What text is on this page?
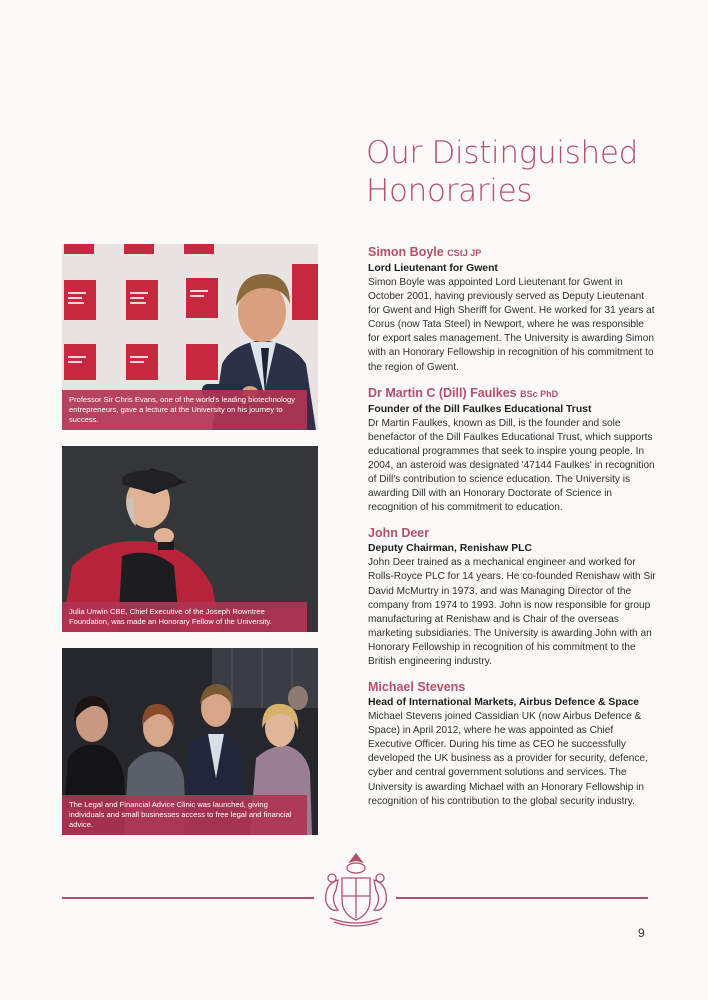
Our Distinguished
Honoraries
Professor Sir Chris Evans, one of the world's leading biotechnology entrepreneurs, gave a lecture at the University on his journey to success.
Julia Unwin CBE, Chief Executive of the Joseph Rowntree Foundation, was made an Honorary Fellow of the University.
The Legal and Financial Advice Clinic was launched, giving individuals and small businesses access to free legal and financial advice.

Simon Boyle CStJ JP

Lord Lieutenant for Gwent

Simon Boyle was appointed Lord Lieutenant for Gwent in October 2001, having previously served as Deputy Lieutenant for Gwent and High Sheriff for Gwent. He worked for 31 years at Corus (now Tata Steel) in Newport, where he was responsible for export sales management. The University is awarding Simon with an Honorary Fellowship in recognition of his commitment to the region of Gwent.

Dr Martin C (Dill) Faulkes BSc PhD

Founder of the Dill Faulkes Educational Trust

Dr Martin Faulkes, known as Dill, is the founder and sole benefactor of the Dill Faulkes Educational Trust, which supports educational programmes that seek to inspire young people. In 2004, an asteroid was designated '47144 Faulkes' in recognition of Dill's contribution to science education. The University is awarding Dill with an Honorary Doctorate of Science in recognition of his commitment to education.

John Deer

Deputy Chairman, Renishaw PLC

John Deer trained as a mechanical engineer and worked for Rolls-Royce PLC for 14 years. He co-founded Renishaw with Sir David McMurtry in 1973, and was Managing Director of the company from 1974 to 1993. John is now responsible for group manufacturing at Renishaw and is Chair of the overseas marketing subsidiaries. The University is awarding John with an Honorary Fellowship in recognition of his commitment to the British engineering industry.

Michael Stevens

Head of International Markets, Airbus Defence & Space

Michael Stevens joined Cassidian UK (now Airbus Defence & Space) in April 2012, where he was appointed as Chief Executive Officer. During his time as CEO he successfully developed the UK business as a provider for security, defence, cyber and central government solutions and services. The University is awarding Michael with an Honorary Fellowship in recognition of his contribution to the global security industry.

9
